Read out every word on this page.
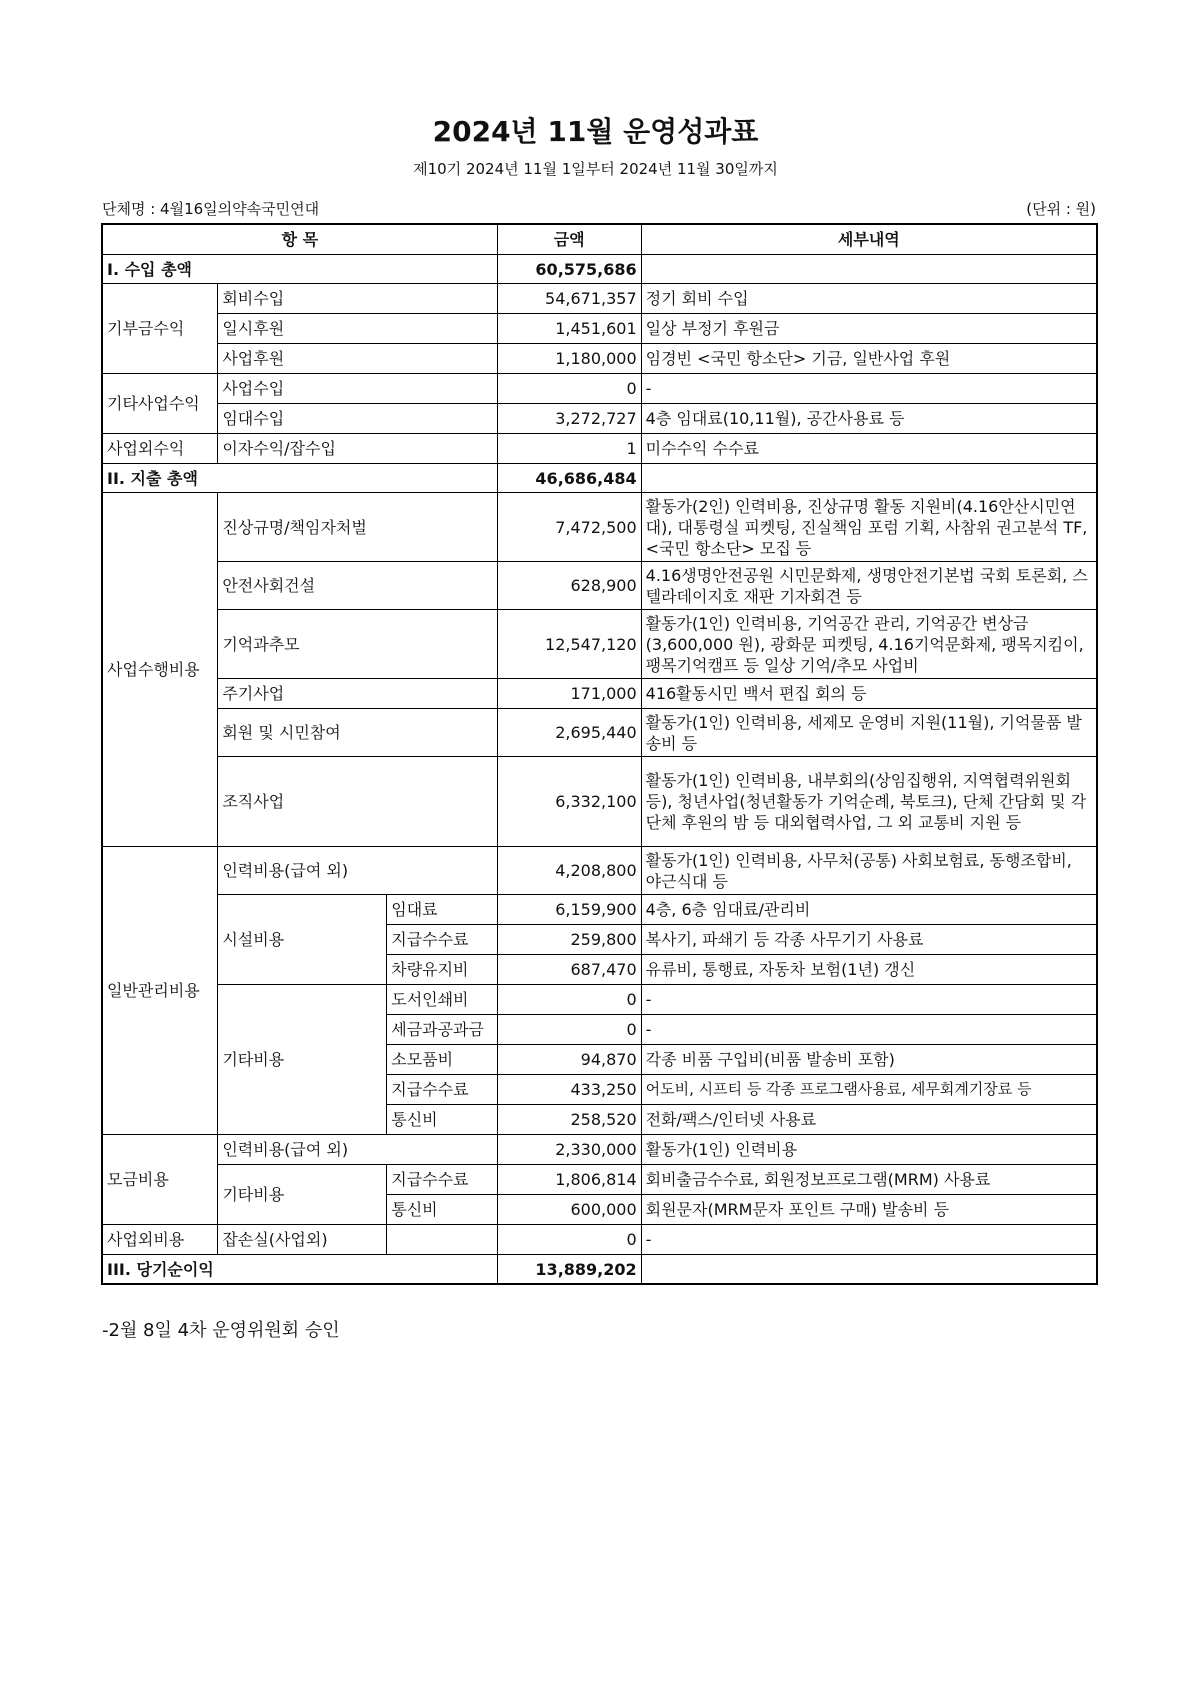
2024년 11월 운영성과표
제10기 2024년 11월 1일부터 2024년 11월 30일까지
단체명 : 4월16일의약속국민연대	(단위 : 원)
항 목			금액	세부내역
I. 수입 총액			60,575,686	
기부금수익	회비수입		54,671,357	정기 회비 수입
	일시후원		1,451,601	일상 부정기 후원금
	사업후원		1,180,000	임경빈 <국민 항소단> 기금, 일반사업 후원
기타사업수익	사업수입		0	-
	임대수입		3,272,727	4층 임대료(10,11월), 공간사용료 등
사업외수익	이자수익/잡수입		1	미수수익 수수료
II. 지출 총액			46,686,484	
사업수행비용	진상규명/책임자처벌		7,472,500	활동가(2인) 인력비용, 진상규명 활동 지원비(4.16안산시민연대), 대통령실 피켓팅, 진실책임 포럼 기획, 사참위 권고분석 TF, <국민 항소단> 모집 등
	안전사회건설		628,900	4.16생명안전공원 시민문화제, 생명안전기본법 국회 토론회, 스텔라데이지호 재판 기자회견 등
	기억과추모		12,547,120	활동가(1인) 인력비용, 기억공간 관리, 기억공간 변상금(3,600,000 원), 광화문 피켓팅, 4.16기억문화제, 팽목지킴이, 팽목기억캠프 등 일상 기억/추모 사업비
	주기사업		171,000	416활동시민 백서 편집 회의 등
	회원 및 시민참여		2,695,440	활동가(1인) 인력비용, 세제모 운영비 지원(11월), 기억물품 발송비 등
	조직사업		6,332,100	활동가(1인) 인력비용, 내부회의(상임집행위, 지역협력위원회 등), 청년사업(청년활동가 기억순례, 북토크), 단체 간담회 및 각 단체 후원의 밤 등 대외협력사업, 그 외 교통비 지원 등
일반관리비용	인력비용(급여 외)		4,208,800	활동가(1인) 인력비용, 사무처(공통) 사회보험료, 동행조합비, 야근식대 등
	시설비용	임대료	6,159,900	4층, 6층 임대료/관리비
		지급수수료	259,800	복사기, 파쇄기 등 각종 사무기기 사용료
		차량유지비	687,470	유류비, 통행료, 자동차 보험(1년) 갱신
	기타비용	도서인쇄비	0	-
		세금과공과금	0	-
		소모품비	94,870	각종 비품 구입비(비품 발송비 포함)
		지급수수료	433,250	어도비, 시프티 등 각종 프로그램사용료, 세무회계기장료 등
		통신비	258,520	전화/팩스/인터넷 사용료
모금비용	인력비용(급여 외)		2,330,000	활동가(1인) 인력비용
	기타비용	지급수수료	1,806,814	회비출금수수료, 회원정보프로그램(MRM) 사용료
		통신비	600,000	회원문자(MRM문자 포인트 구매) 발송비 등
사업외비용	잡손실(사업외)		0	-
III. 당기순이익			13,889,202	
-2월 8일 4차 운영위원회 승인
